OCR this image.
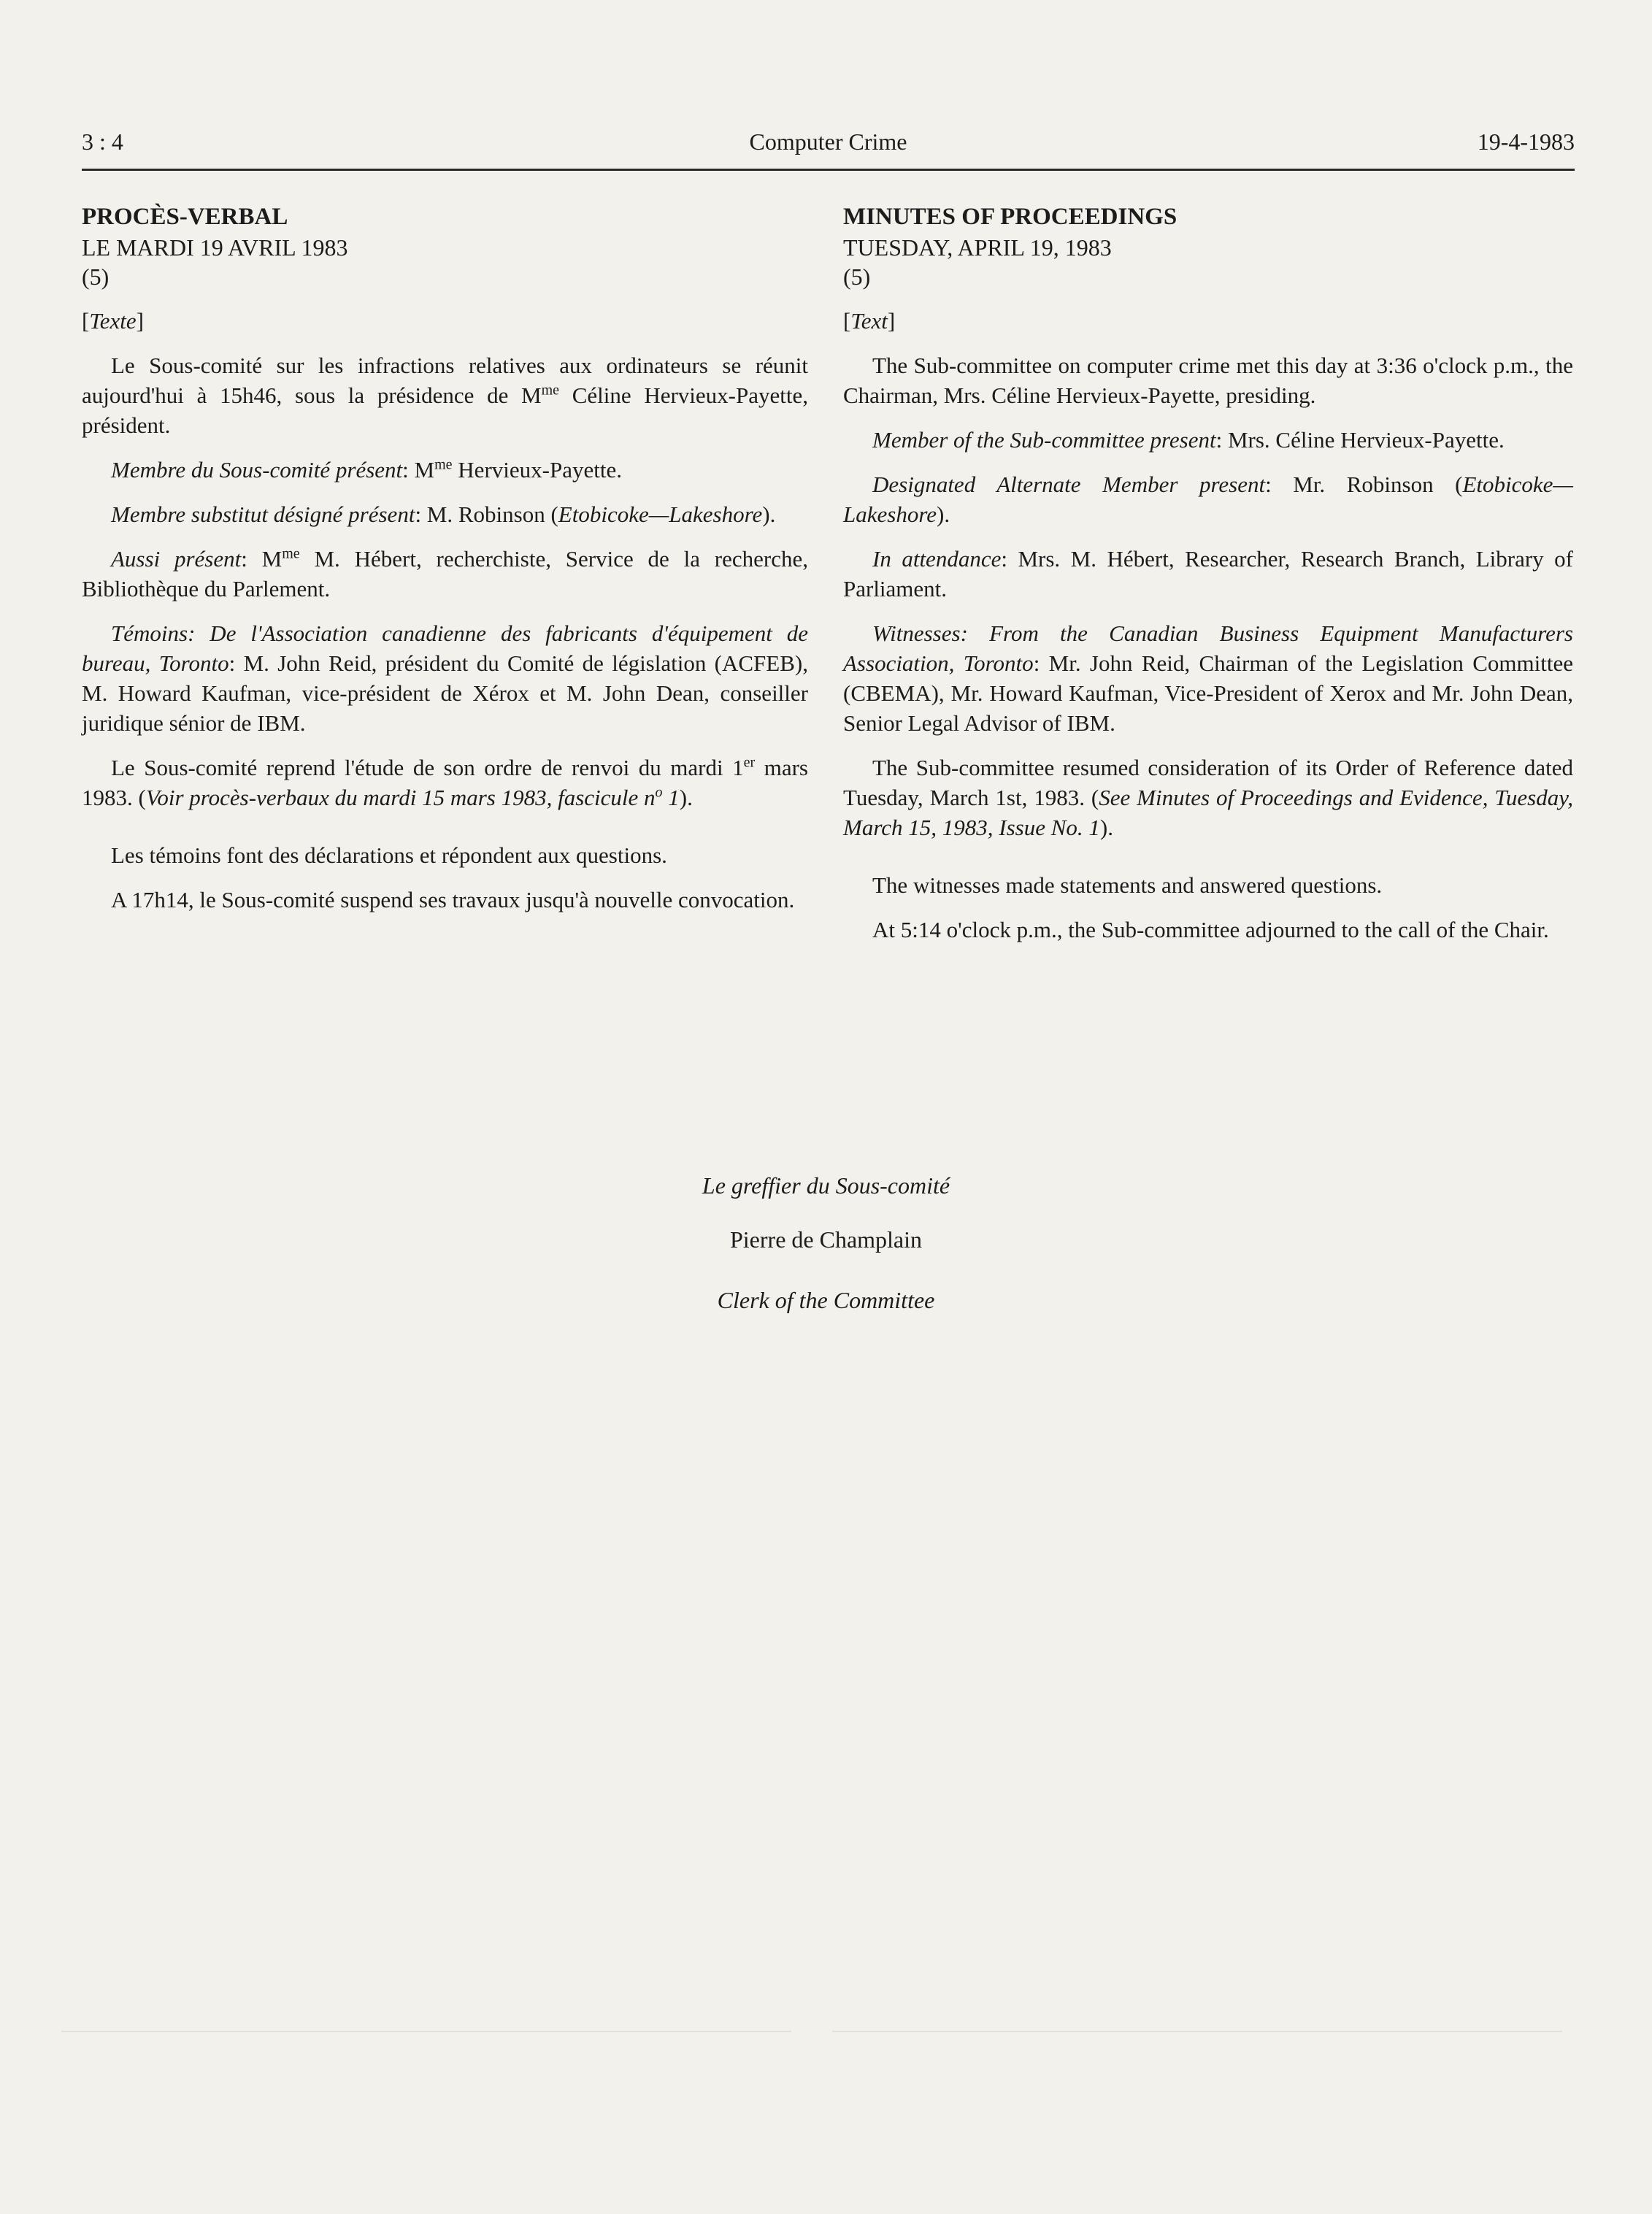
3 : 4	Computer Crime	19-4-1983

PROCÈS-VERBAL

LE MARDI 19 AVRIL 1983

(5)

[Texte]

Le Sous-comité sur les infractions relatives aux ordinateurs se réunit aujourd'hui à 15h46, sous la présidence de $M^{me}$ Céline Hervieux-Payette, président.

Membre du Sous-comité présent: $M^{me}$ Hervieux-Payette.

Membre substitut désigné présent: M. Robinson (Etobicoke—Lakeshore).

Aussi présent: $M^{me}$ M. Hébert, recherchiste, Service de la recherche, Bibliothèque du Parlement.

Témoins: De l'Association canadienne des fabricants d'équipement de bureau, Toronto: M. John Reid, président du Comité de législation (ACFEB), M. Howard Kaufman, vice-président de Xérox et M. John Dean, conseiller juridique sénior de IBM.

Le Sous-comité reprend l'étude de son ordre de renvoi du mardi 1er mars 1983. (Voir procès-verbaux du mardi 15 mars 1983, fascicule $n^o$ 1).

Les témoins font des déclarations et répondent aux questions.

A 17h14, le Sous-comité suspend ses travaux jusqu'à nouvelle convocation.

MINUTES OF PROCEEDINGS

TUESDAY, APRIL 19, 1983

(5)

[Text]

The Sub-committee on computer crime met this day at 3:36 o'clock p.m., the Chairman, Mrs. Céline Hervieux-Payette, presiding.

Member of the Sub-committee present: Mrs. Céline Hervieux-Payette.

Designated Alternate Member present: Mr. Robinson (Etobicoke—Lakeshore).

In attendance: Mrs. M. Hébert, Researcher, Research Branch, Library of Parliament.

Witnesses: From the Canadian Business Equipment Manufacturers Association, Toronto: Mr. John Reid, Chairman of the Legislation Committee (CBEMA), Mr. Howard Kaufman, Vice-President of Xerox and Mr. John Dean, Senior Legal Advisor of IBM.

The Sub-committee resumed consideration of its Order of Reference dated Tuesday, March 1st, 1983. (See Minutes of Proceedings and Evidence, Tuesday, March 15, 1983, Issue No. 1).

The witnesses made statements and answered questions.

At 5:14 o'clock p.m., the Sub-committee adjourned to the call of the Chair.

Le greffier du Sous-comité
Pierre de Champlain
Clerk of the Committee
